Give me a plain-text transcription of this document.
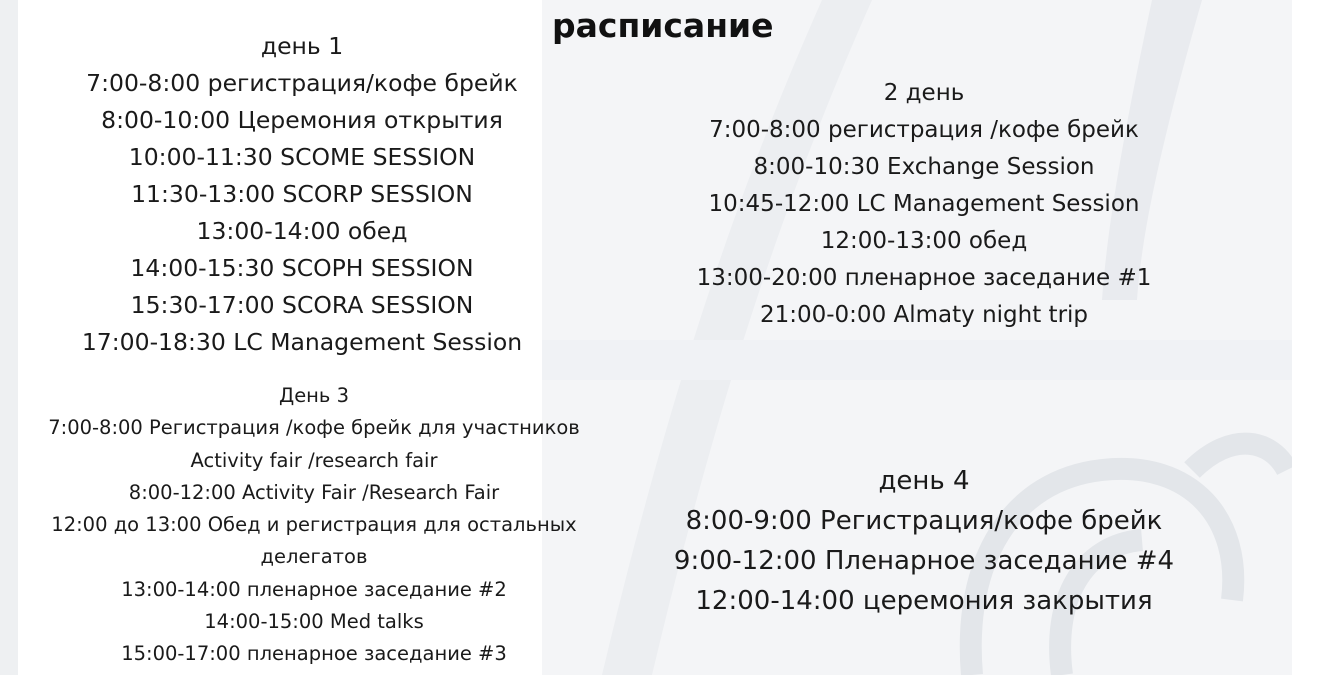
расписание
день 1
7:00-8:00 регистрация/кофе брейк
8:00-10:00 Церемония открытия
10:00-11:30 SCOME SESSION
11:30-13:00 SCORP SESSION
13:00-14:00 обед
14:00-15:30 SCOPH SESSION
15:30-17:00 SCORA SESSION
17:00-18:30 LC Management Session
2 день
7:00-8:00 регистрация /кофе брейк
8:00-10:30 Exchange Session
10:45-12:00 LC Management Session
12:00-13:00 обед
13:00-20:00 пленарное заседание #1
21:00-0:00 Almaty night trip
День 3
7:00-8:00 Регистрация /кофе брейк для участников Activity fair /research fair
8:00-12:00 Activity Fair /Research Fair
12:00 до 13:00 Обед и регистрация для остальных делегатов
13:00-14:00 пленарное заседание #2
14:00-15:00 Med talks
15:00-17:00 пленарное заседание #3
день 4
8:00-9:00 Регистрация/кофе брейк
9:00-12:00 Пленарное заседание #4
12:00-14:00 церемония закрытия
